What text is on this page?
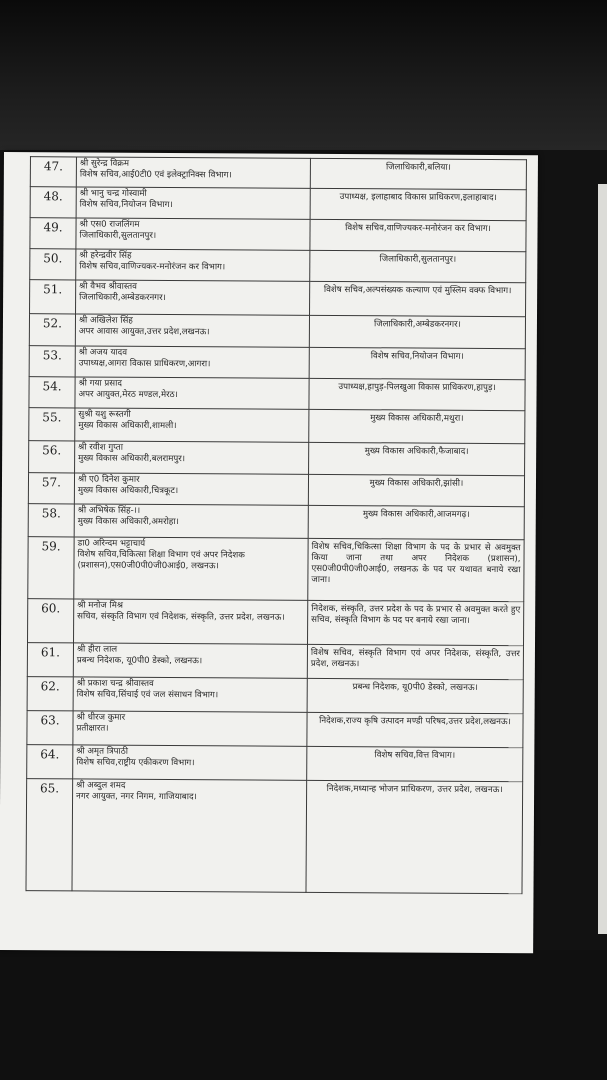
47.	श्री सुरेन्द्र विक्रम
विशेष सचिव,आई0टी0 एवं इलेक्ट्रानिक्स विभाग।	जिलाधिकारी,बलिया।

48.	श्री भानु चन्द्र गोस्वामी
विशेष सचिव,नियोजन विभाग।	उपाध्यक्ष, इलाहाबाद विकास प्राधिकरण,इलाहाबाद।

49.	श्री एस0 राजलिंगम
जिलाधिकारी,सुलतानपुर।	विशेष सचिव,वाणिज्यकर-मनोरंजन कर विभाग।

50.	श्री हरेन्द्रवीर सिंह
विशेष सचिव,वाणिज्यकर-मनोरंजन कर विभाग।	जिलाधिकारी,सुलतानपुर।

51.	श्री वैभव श्रीवास्तव
जिलाधिकारी,अम्बेडकरनगर।	विशेष सचिव,अल्पसंख्यक कल्याण एवं मुस्लिम वक्फ विभाग।

52.	श्री अखिलेश सिंह
अपर आवास आयुक्त,उत्तर प्रदेश,लखनऊ।	जिलाधिकारी,अम्बेडकरनगर।

53.	श्री अजय यादव
उपाध्यक्ष,आगरा विकास प्राधिकरण,आगरा।	विशेष सचिव,नियोजन विभाग।

54.	श्री गया प्रसाद
अपर आयुक्त,मेरठ मण्डल,मेरठ।	उपाध्यक्ष,हापुड़-पिलखुआ विकास प्राधिकरण,हापुड़।

55.	सुश्री यशु रूस्तगी
मुख्य विकास अधिकारी,शामली।	मुख्य विकास अधिकारी,मथुरा।

56.	श्री रवीश गुप्ता
मुख्य विकास अधिकारी,बलरामपुर।	मुख्य विकास अधिकारी,फैजाबाद।

57.	श्री ए0 दिनेश कुमार
मुख्य विकास अधिकारी,चित्रकूट।	मुख्य विकास अधिकारी,झांसी।

58.	श्री अभिषेक सिंह-।।
मुख्य विकास अधिकारी,अमरोहा।	मुख्य विकास अधिकारी,आजमगढ़।

59.	डा0 अरिन्दम भट्टाचार्य
विशेष सचिव,चिकित्सा शिक्षा विभाग एवं अपर निदेशक (प्रशासन),एस0जी0पी0जी0आई0, लखनऊ।	विशेष सचिव,चिकित्सा शिक्षा विभाग के पद के प्रभार से अवमुक्त किया जाना तथा अपर निदेशक (प्रशासन), एस0जी0पी0जी0आई0, लखनऊ के पद पर यथावत बनाये रखा जाना।

60.	श्री मनोज मिश्र
सचिव, संस्कृति विभाग एवं निदेशक, संस्कृति, उत्तर प्रदेश, लखनऊ।	निदेशक, संस्कृति, उत्तर प्रदेश के पद के प्रभार से अवमुक्त करते हुए सचिव, संस्कृति विभाग के पद पर बनाये रखा जाना।

61.	श्री हीरा लाल
प्रबन्ध निदेशक, यू0पी0 डेस्को, लखनऊ।	विशेष सचिव, संस्कृति विभाग एवं अपर निदेशक, संस्कृति, उत्तर प्रदेश, लखनऊ।

62.	श्री प्रकाश चन्द्र श्रीवास्तव
विशेष सचिव,सिंचाई एवं जल संसाधन विभाग।	प्रबन्ध निदेशक, यू0पी0 डेस्को, लखनऊ।

63.	श्री धीरज कुमार
प्रतीक्षारत।	निदेशक,राज्य कृषि उत्पादन मण्डी परिषद,उत्तर प्रदेश,लखनऊ।

64.	श्री अमृत त्रिपाठी
विशेष सचिव,राष्ट्रीय एकीकरण विभाग।	विशेष सचिव,वित्त विभाग।

65.	श्री अब्दुल शमद
नगर आयुक्त, नगर निगम, गाजियाबाद।	निदेशक,मध्यान्ह भोजन प्राधिकरण, उत्तर प्रदेश, लखनऊ।
